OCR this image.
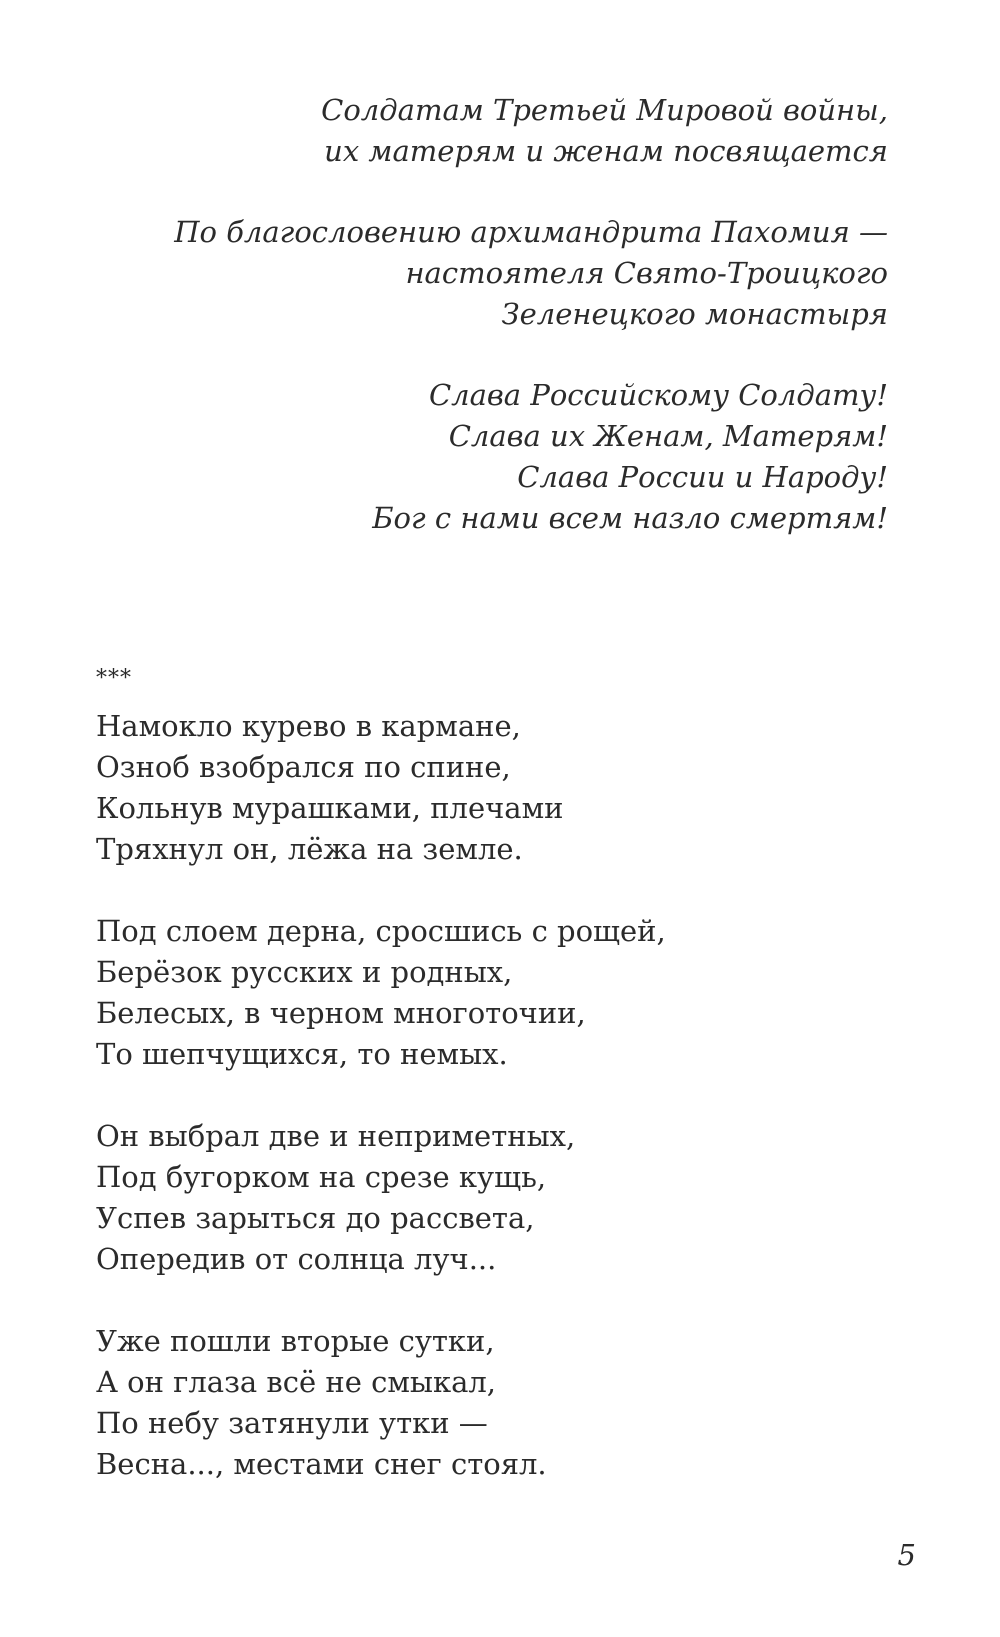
Солдатам Третьей Мировой войны,
их матерям и женам посвящается
По благословению архимандрита Пахомия —
настоятеля Свято-Троицкого
Зеленецкого монастыря
Слава Российскому Солдату!
Слава их Женам, Матерям!
Слава России и Народу!
Бог с нами всем назло смертям!
***
Намокло курево в кармане,
Озноб взобрался по спине,
Кольнув мурашками, плечами
Тряхнул он, лёжа на земле.
Под слоем дерна, сросшись с рощей,
Берёзок русских и родных,
Белесых, в черном многоточии,
То шепчущихся, то немых.
Он выбрал две и неприметных,
Под бугорком на срезе кущь,
Успев зарыться до рассвета,
Опередив от солнца луч...
Уже пошли вторые сутки,
А он глаза всё не смыкал,
По небу затянули утки —
Весна..., местами снег стоял.
5
